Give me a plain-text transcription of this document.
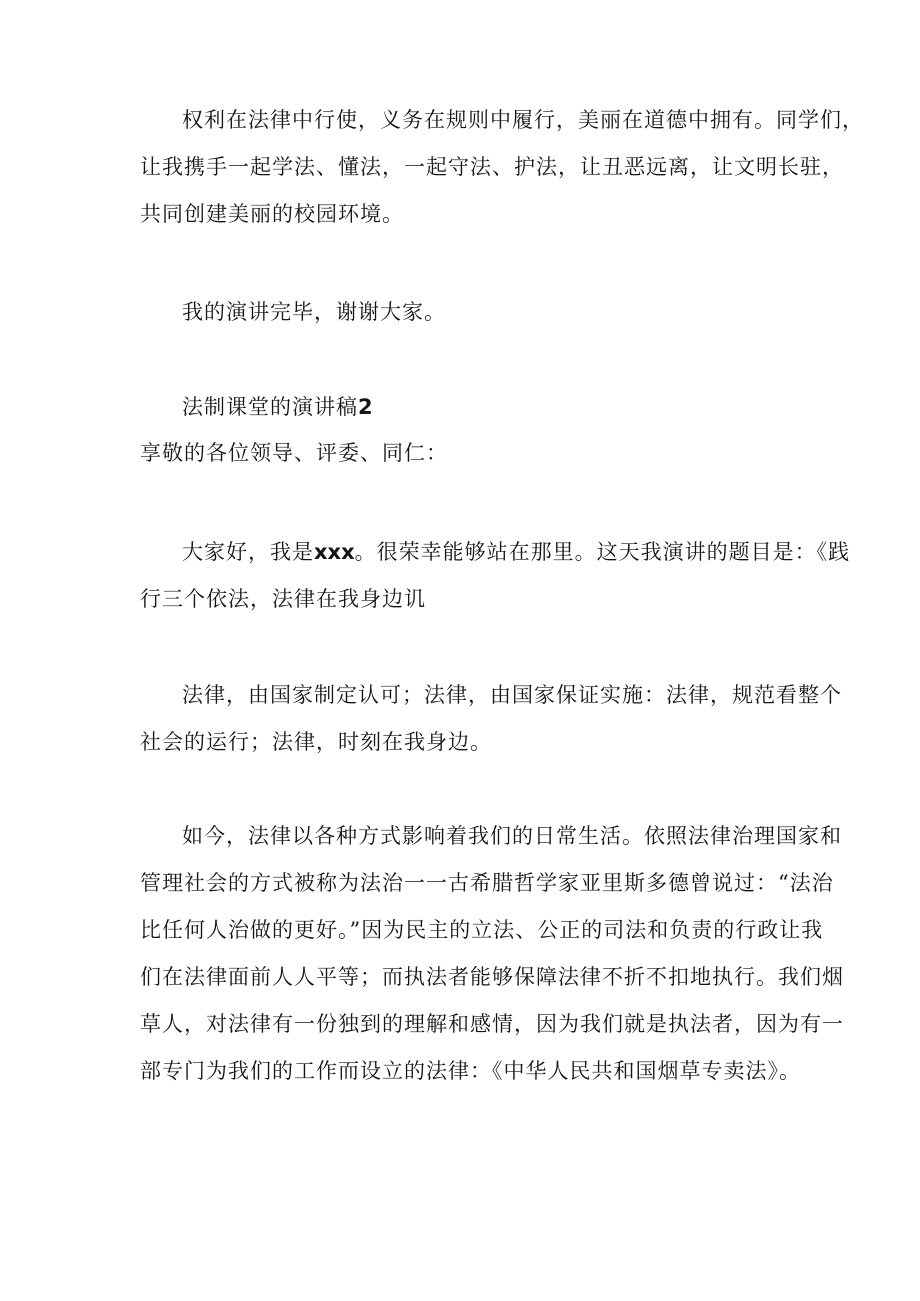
权利在法律中行使，义务在规则中履行，美丽在道德中拥有。同学们，
让我携手一起学法、懂法，一起守法、护法，让丑恶远离，让文明长驻，
共同创建美丽的校园环境。
我的演讲完毕，谢谢大家。
法制课堂的演讲稿2
享敬的各位领导、评委、同仁：
大家好，我是xxx。很荣幸能够站在那里。这天我演讲的题目是：《践
行三个依法，法律在我身边讥
法律，由国家制定认可；法律，由国家保证实施：法律，规范看整个
社会的运行；法律，时刻在我身边。
如今，法律以各种方式影响着我们的日常生活。依照法律治理国家和
管理社会的方式被称为法治一一古希腊哲学家亚里斯多德曾说过：“法治
比任何人治做的更好。”因为民主的立法、公正的司法和负责的行政让我
们在法律面前人人平等；而执法者能够保障法律不折不扣地执行。我们烟
草人，对法律有一份独到的理解和感情，因为我们就是执法者，因为有一
部专门为我们的工作而设立的法律：《中华人民共和国烟草专卖法》。
